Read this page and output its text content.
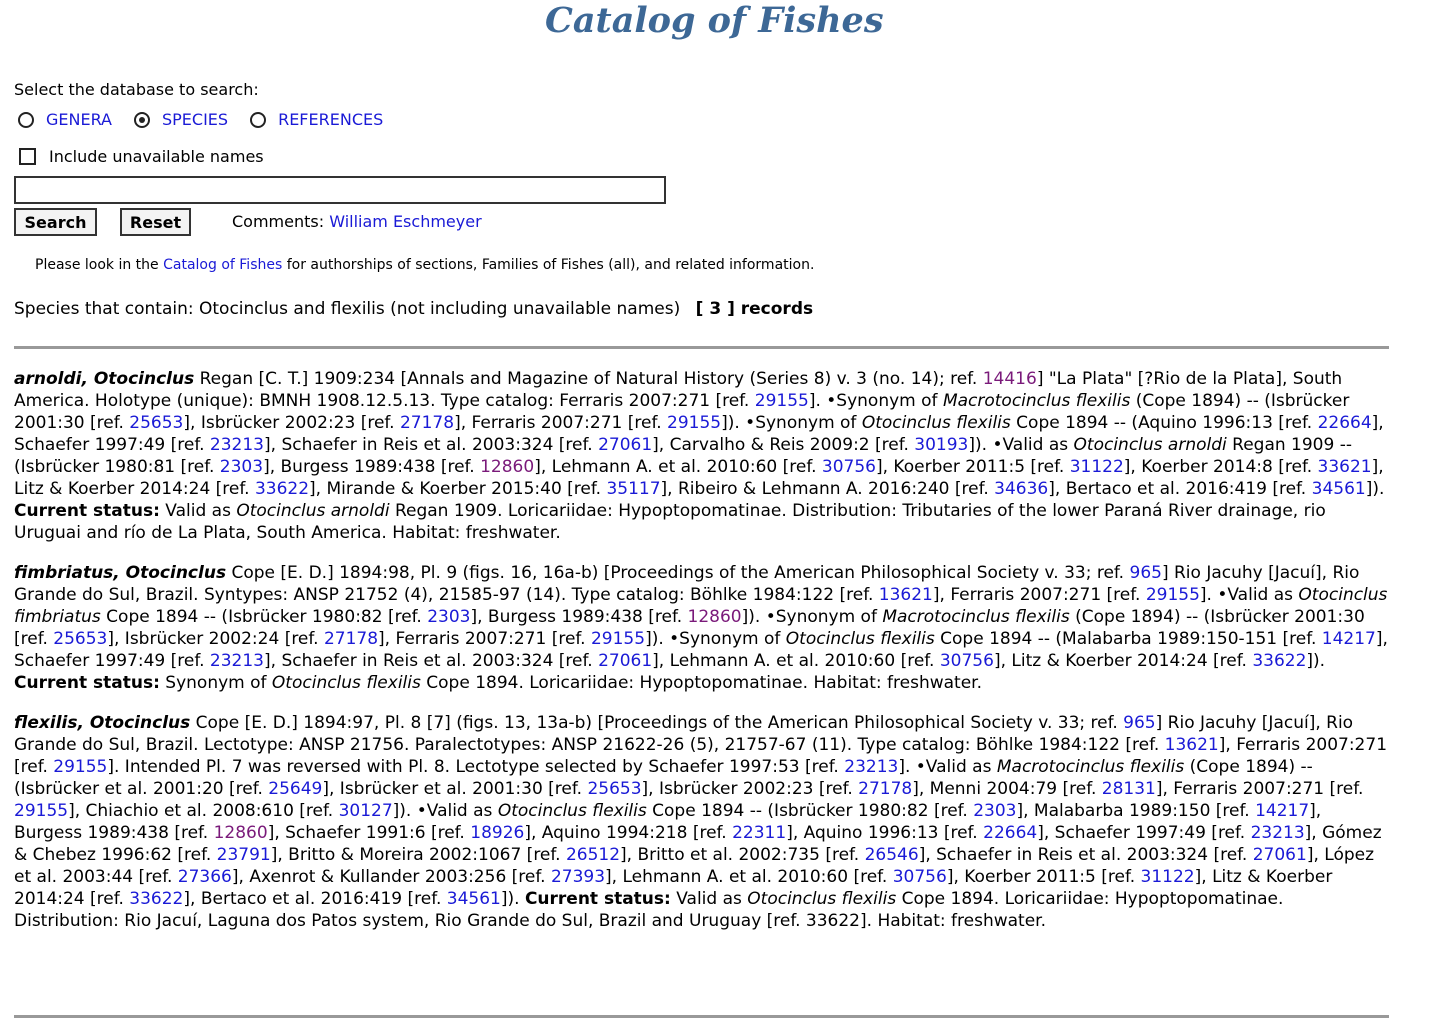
Catalog of Fishes
Select the database to search:
GENERA	SPECIES	REFERENCES
Include unavailable names
Search	Reset	Comments: William Eschmeyer
Please look in the Catalog of Fishes for authorships of sections, Families of Fishes (all), and related information.
Species that contain: Otocinclus and flexilis (not including unavailable names) [ 3 ] records

arnoldi, Otocinclus Regan [C. T.] 1909:234 [Annals and Magazine of Natural History (Series 8) v. 3 (no. 14); ref. 14416] "La Plata" [?Rio de la Plata], South America. Holotype (unique): BMNH 1908.12.5.13. Type catalog: Ferraris 2007:271 [ref. 29155]. •Synonym of Macrotocinclus flexilis (Cope 1894) -- (Isbrücker 2001:30 [ref. 25653], Isbrücker 2002:23 [ref. 27178], Ferraris 2007:271 [ref. 29155]). •Synonym of Otocinclus flexilis Cope 1894 -- (Aquino 1996:13 [ref. 22664], Schaefer 1997:49 [ref. 23213], Schaefer in Reis et al. 2003:324 [ref. 27061], Carvalho & Reis 2009:2 [ref. 30193]). •Valid as Otocinclus arnoldi Regan 1909 -- (Isbrücker 1980:81 [ref. 2303], Burgess 1989:438 [ref. 12860], Lehmann A. et al. 2010:60 [ref. 30756], Koerber 2011:5 [ref. 31122], Koerber 2014:8 [ref. 33621], Litz & Koerber 2014:24 [ref. 33622], Mirande & Koerber 2015:40 [ref. 35117], Ribeiro & Lehmann A. 2016:240 [ref. 34636], Bertaco et al. 2016:419 [ref. 34561]). Current status: Valid as Otocinclus arnoldi Regan 1909. Loricariidae: Hypoptopomatinae. Distribution: Tributaries of the lower Paraná River drainage, rio Uruguai and río de La Plata, South America. Habitat: freshwater.

fimbriatus, Otocinclus Cope [E. D.] 1894:98, Pl. 9 (figs. 16, 16a-b) [Proceedings of the American Philosophical Society v. 33; ref. 965] Rio Jacuhy [Jacuí], Rio Grande do Sul, Brazil. Syntypes: ANSP 21752 (4), 21585-97 (14). Type catalog: Böhlke 1984:122 [ref. 13621], Ferraris 2007:271 [ref. 29155]. •Valid as Otocinclus fimbriatus Cope 1894 -- (Isbrücker 1980:82 [ref. 2303], Burgess 1989:438 [ref. 12860]). •Synonym of Macrotocinclus flexilis (Cope 1894) -- (Isbrücker 2001:30 [ref. 25653], Isbrücker 2002:24 [ref. 27178], Ferraris 2007:271 [ref. 29155]). •Synonym of Otocinclus flexilis Cope 1894 -- (Malabarba 1989:150-151 [ref. 14217], Schaefer 1997:49 [ref. 23213], Schaefer in Reis et al. 2003:324 [ref. 27061], Lehmann A. et al. 2010:60 [ref. 30756], Litz & Koerber 2014:24 [ref. 33622]). Current status: Synonym of Otocinclus flexilis Cope 1894. Loricariidae: Hypoptopomatinae. Habitat: freshwater.

flexilis, Otocinclus Cope [E. D.] 1894:97, Pl. 8 [7] (figs. 13, 13a-b) [Proceedings of the American Philosophical Society v. 33; ref. 965] Rio Jacuhy [Jacuí], Rio Grande do Sul, Brazil. Lectotype: ANSP 21756. Paralectotypes: ANSP 21622-26 (5), 21757-67 (11). Type catalog: Böhlke 1984:122 [ref. 13621], Ferraris 2007:271 [ref. 29155]. Intended Pl. 7 was reversed with Pl. 8. Lectotype selected by Schaefer 1997:53 [ref. 23213]. •Valid as Macrotocinclus flexilis (Cope 1894) -- (Isbrücker et al. 2001:20 [ref. 25649], Isbrücker et al. 2001:30 [ref. 25653], Isbrücker 2002:23 [ref. 27178], Menni 2004:79 [ref. 28131], Ferraris 2007:271 [ref. 29155], Chiachio et al. 2008:610 [ref. 30127]). •Valid as Otocinclus flexilis Cope 1894 -- (Isbrücker 1980:82 [ref. 2303], Malabarba 1989:150 [ref. 14217], Burgess 1989:438 [ref. 12860], Schaefer 1991:6 [ref. 18926], Aquino 1994:218 [ref. 22311], Aquino 1996:13 [ref. 22664], Schaefer 1997:49 [ref. 23213], Gómez & Chebez 1996:62 [ref. 23791], Britto & Moreira 2002:1067 [ref. 26512], Britto et al. 2002:735 [ref. 26546], Schaefer in Reis et al. 2003:324 [ref. 27061], López et al. 2003:44 [ref. 27366], Axenrot & Kullander 2003:256 [ref. 27393], Lehmann A. et al. 2010:60 [ref. 30756], Koerber 2011:5 [ref. 31122], Litz & Koerber 2014:24 [ref. 33622], Bertaco et al. 2016:419 [ref. 34561]). Current status: Valid as Otocinclus flexilis Cope 1894. Loricariidae: Hypoptopomatinae. Distribution: Rio Jacuí, Laguna dos Patos system, Rio Grande do Sul, Brazil and Uruguay [ref. 33622]. Habitat: freshwater.
